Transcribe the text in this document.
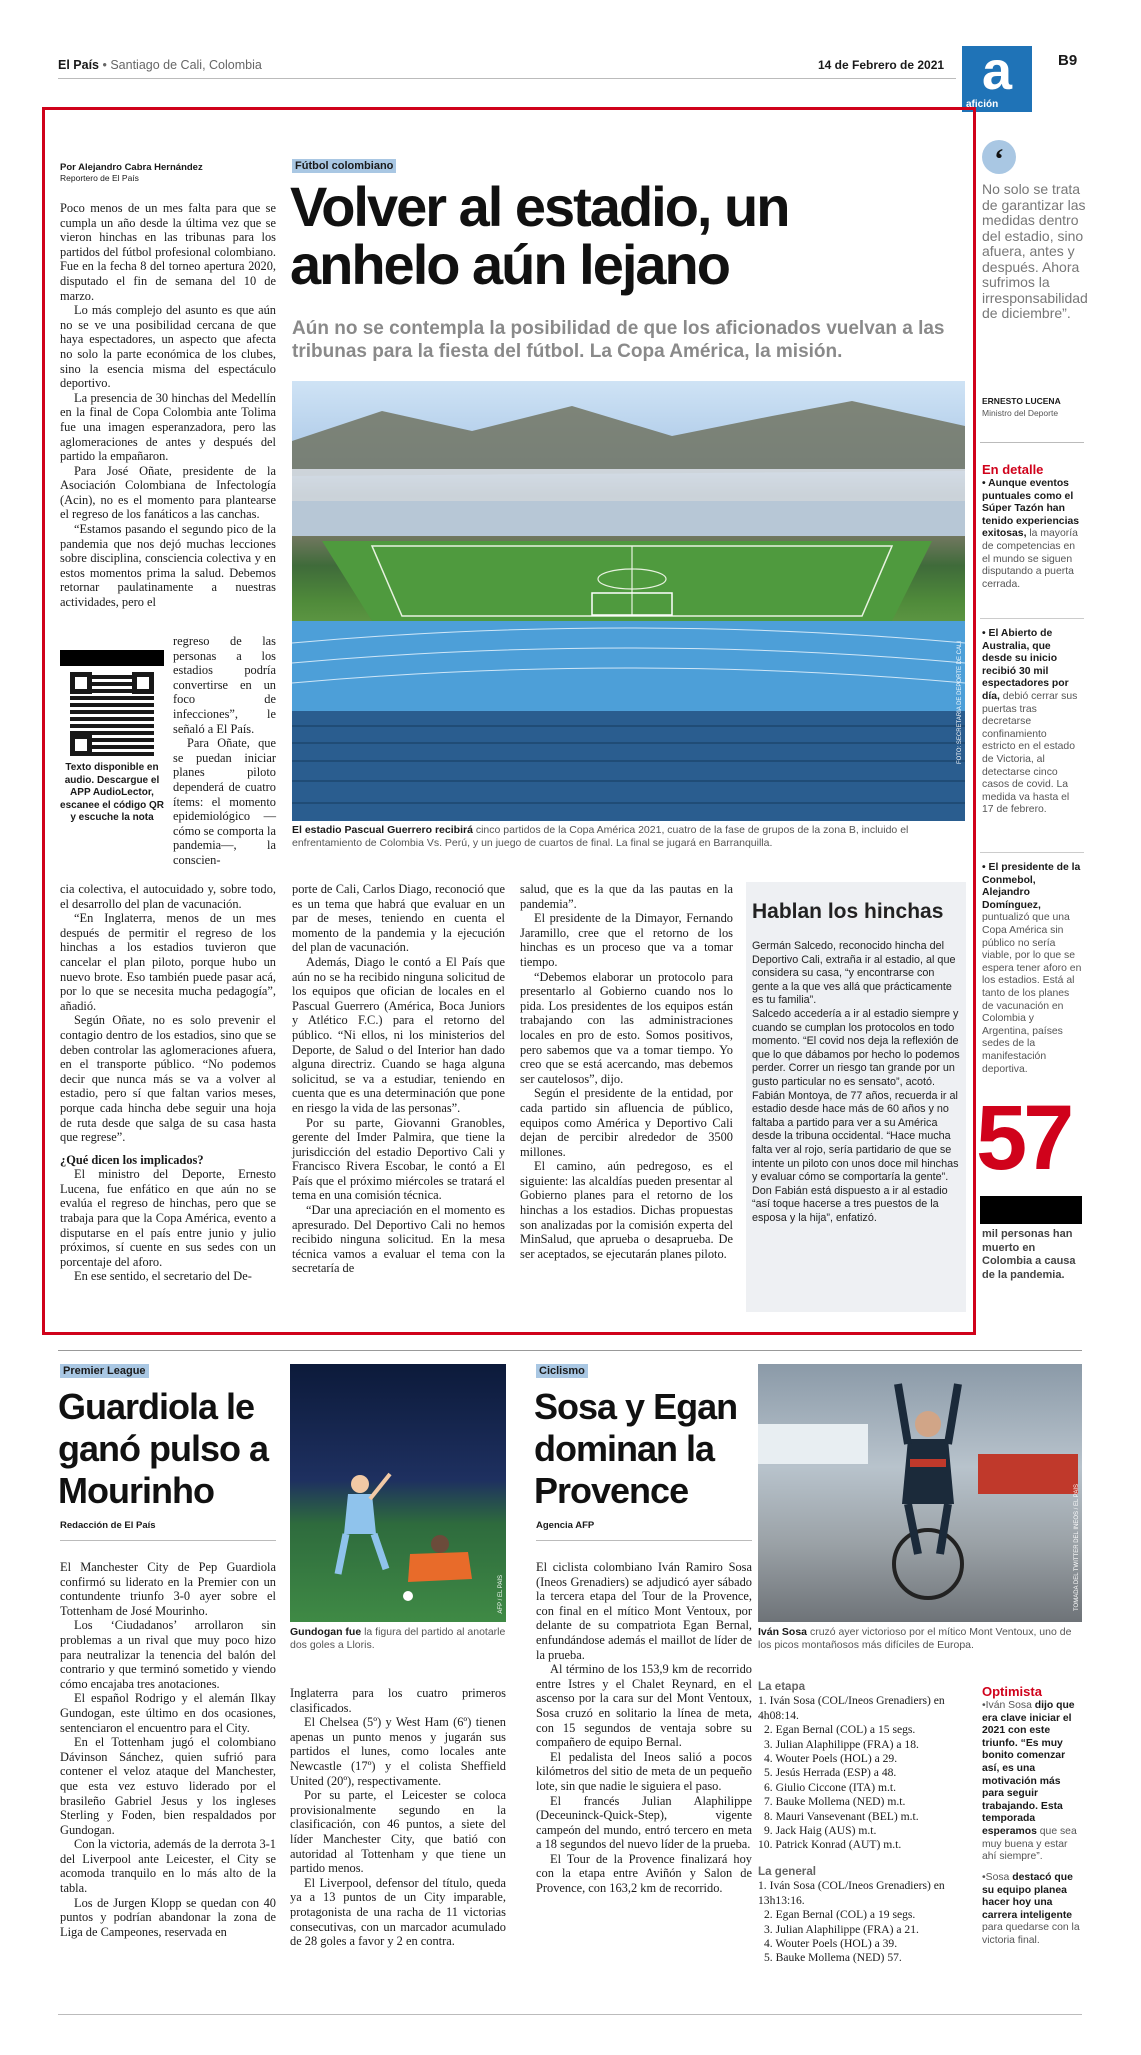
El País • Santiago de Cali, Colombia	14 de Febrero de 2021 a
afición
B9
Por Alejandro Cabra Hernández
Reportero de El País
Fútbol colombiano
Volver al estadio, un anhelo aún lejano
Aún no se contempla la posibilidad de que los aficionados vuelvan a las tribunas para la fiesta del fútbol. La Copa América, la misión.
FOTO: SECRETARÍA DE DEPORTE DE CALI
El estadio Pascual Guerrero recibirá cinco partidos de la Copa América 2021, cuatro de la fase de grupos de la zona B, incluido el enfrentamiento de Colombia Vs. Perú, y un juego de cuartos de final. La final se jugará en Barranquilla.

Poco menos de un mes falta para que se cumpla un año desde la última vez que se vieron hinchas en las tribunas para los partidos del fútbol profesional colombiano. Fue en la fecha 8 del torneo apertura 2020, disputado el fin de semana del 10 de marzo.

Lo más complejo del asunto es que aún no se ve una posibilidad cercana de que haya espectadores, un aspecto que afecta no solo la parte económica de los clubes, sino la esencia misma del espectáculo deportivo.

La presencia de 30 hinchas del Medellín en la final de Copa Colombia ante Tolima fue una imagen esperanzadora, pero las aglomeraciones de antes y después del partido la empañaron.

Para José Oñate, presidente de la Asociación Colombiana de Infectología (Acin), no es el momento para plantearse el regreso de los fanáticos a las canchas.

“Estamos pasando el segundo pico de la pandemia que nos dejó muchas lecciones sobre disciplina, consciencia colectiva y en estos momentos prima la salud. Debemos retornar paulatinamente a nuestras actividades, pero el

regreso de las personas a los estadios podría convertirse en un foco de infecciones”, le señaló a El País.

Para Oñate, que se puedan iniciar planes piloto dependerá de cuatro ítems: el momento epidemiológico —cómo se comporta la pandemia—, la conscien-

Texto disponible en audio. Descargue el APP AudioLector, escanee el código QR y escuche la nota

cia colectiva, el autocuidado y, sobre todo, el desarrollo del plan de vacunación.

“En Inglaterra, menos de un mes después de permitir el regreso de los hinchas a los estadios tuvieron que cancelar el plan piloto, porque hubo un nuevo brote. Eso también puede pasar acá, por lo que se necesita mucha pedagogía”, añadió.

Según Oñate, no es solo prevenir el contagio dentro de los estadios, sino que se deben controlar las aglomeraciones afuera, en el transporte público. “No podemos decir que nunca más se va a volver al estadio, pero sí que faltan varios meses, porque cada hincha debe seguir una hoja de ruta desde que salga de su casa hasta que regrese”.

¿Qué dicen los implicados?

El ministro del Deporte, Ernesto Lucena, fue enfático en que aún no se evalúa el regreso de hinchas, pero que se trabaja para que la Copa América, evento a disputarse en el país entre junio y julio próximos, sí cuente en sus sedes con un porcentaje del aforo.

En ese sentido, el secretario del De-

porte de Cali, Carlos Diago, reconoció que es un tema que habrá que evaluar en un par de meses, teniendo en cuenta el momento de la pandemia y la ejecución del plan de vacunación.

Además, Diago le contó a El País que aún no se ha recibido ninguna solicitud de los equipos que ofician de locales en el Pascual Guerrero (América, Boca Juniors y Atlético F.C.) para el retorno del público. “Ni ellos, ni los ministerios del Deporte, de Salud o del Interior han dado alguna directriz. Cuando se haga alguna solicitud, se va a estudiar, teniendo en cuenta que es una determinación que pone en riesgo la vida de las personas”.

Por su parte, Giovanni Granobles, gerente del Imder Palmira, que tiene la jurisdicción del estadio Deportivo Cali y Francisco Rivera Escobar, le contó a El País que el próximo miércoles se tratará el tema en una comisión técnica.

“Dar una apreciación en el momento es apresurado. Del Deportivo Cali no hemos recibido ninguna solicitud. En la mesa técnica vamos a evaluar el tema con la secretaría de

salud, que es la que da las pautas en la pandemia”.

El presidente de la Dimayor, Fernando Jaramillo, cree que el retorno de los hinchas es un proceso que va a tomar tiempo.

“Debemos elaborar un protocolo para presentarlo al Gobierno cuando nos lo pida. Los presidentes de los equipos están trabajando con las administraciones locales en pro de esto. Somos positivos, pero sabemos que va a tomar tiempo. Yo creo que se está acercando, mas debemos ser cautelosos”, dijo.

Según el presidente de la entidad, por cada partido sin afluencia de público, equipos como América y Deportivo Cali dejan de percibir alrededor de 3500 millones.

El camino, aún pedregoso, es el siguiente: las alcaldías pueden presentar al Gobierno planes para el retorno de los hinchas a los estadios. Dichas propuestas son analizadas por la comisión experta del MinSalud, que aprueba o desaprueba. De ser aceptados, se ejecutarán planes piloto.

Hablan los hinchas

Germán Salcedo, reconocido hincha del Deportivo Cali, extraña ir al estadio, al que considera su casa, “y encontrarse con gente a la que ves allá que prácticamente es tu familia”.

Salcedo accedería a ir al estadio siempre y cuando se cumplan los protocolos en todo momento. “El covid nos deja la reflexión de que lo que dábamos por hecho lo podemos perder. Correr un riesgo tan grande por un gusto particular no es sensato”, acotó.

Fabián Montoya, de 77 años, recuerda ir al estadio desde hace más de 60 años y no faltaba a partido para ver a su América desde la tribuna occidental. “Hace mucha falta ver al rojo, sería partidario de que se intente un piloto con unos doce mil hinchas y evaluar cómo se comportaría la gente”.

Don Fabián está dispuesto a ir al estadio “así toque hacerse a tres puestos de la esposa y la hija”, enfatizó.

‘
No solo se trata de garantizar las medidas dentro del estadio, sino afuera, antes y después. Ahora sufrimos la irresponsabilidad de diciembre”.
ERNESTO LUCENA
Ministro del Deporte
En detalle
• Aunque eventos puntuales como el Súper Tazón han tenido experiencias exitosas, la mayoría de competencias en el mundo se siguen disputando a puerta cerrada.
• El Abierto de Australia, que desde su inicio recibió 30 mil espectadores por día, debió cerrar sus puertas tras decretarse confinamiento estricto en el estado de Victoria, al detectarse cinco casos de covid. La medida va hasta el 17 de febrero.
• El presidente de la Conmebol, Alejandro Domínguez, puntualizó que una Copa América sin público no sería viable, por lo que se espera tener aforo en los estadios. Está al tanto de los planes de vacunación en Colombia y Argentina, países sedes de la manifestación deportiva.
57
mil personas han muerto en Colombia a causa de la pandemia.
Premier League
Guardiola le ganó pulso a Mourinho
Redacción de El País

El Manchester City de Pep Guardiola confirmó su liderato en la Premier con un contundente triunfo 3-0 ayer sobre el Tottenham de José Mourinho.

Los ‘Ciudadanos’ arrollaron sin problemas a un rival que muy poco hizo para neutralizar la tenencia del balón del contrario y que terminó sometido y viendo cómo encajaba tres anotaciones.

El español Rodrigo y el alemán Ilkay Gundogan, este último en dos ocasiones, sentenciaron el encuentro para el City.

En el Tottenham jugó el colombiano Dávinson Sánchez, quien sufrió para contener el veloz ataque del Manchester, que esta vez estuvo liderado por el brasileño Gabriel Jesus y los ingleses Sterling y Foden, bien respaldados por Gundogan.

Con la victoria, además de la derrota 3-1 del Liverpool ante Leicester, el City se acomoda tranquilo en lo más alto de la tabla.

Los de Jurgen Klopp se quedan con 40 puntos y podrían abandonar la zona de Liga de Campeones, reservada en

AFP / EL PAÍS
Gundogan fue la figura del partido al anotarle dos goles a Lloris.

Inglaterra para los cuatro primeros clasificados.

El Chelsea (5º) y West Ham (6º) tienen apenas un punto menos y jugarán sus partidos el lunes, como locales ante Newcastle (17º) y el colista Sheffield United (20º), respectivamente.

Por su parte, el Leicester se coloca provisionalmente segundo en la clasificación, con 46 puntos, a siete del líder Manchester City, que batió con autoridad al Tottenham y que tiene un partido menos.

El Liverpool, defensor del título, queda ya a 13 puntos de un City imparable, protagonista de una racha de 11 victorias consecutivas, con un marcador acumulado de 28 goles a favor y 2 en contra.

Ciclismo
Sosa y Egan dominan la Provence
Agencia AFP

El ciclista colombiano Iván Ramiro Sosa (Ineos Grenadiers) se adjudicó ayer sábado la tercera etapa del Tour de la Provence, con final en el mítico Mont Ventoux, por delante de su compatriota Egan Bernal, enfundándose además el maillot de líder de la prueba.

Al término de los 153,9 km de recorrido entre Istres y el Chalet Reynard, en el ascenso por la cara sur del Mont Ventoux, Sosa cruzó en solitario la línea de meta, con 15 segundos de ventaja sobre su compañero de equipo Bernal.

El pedalista del Ineos salió a pocos kilómetros del sitio de meta de un pequeño lote, sin que nadie le siguiera el paso.

El francés Julian Alaphilippe (Deceuninck-Quick-Step), vigente campeón del mundo, entró tercero en meta a 18 segundos del nuevo líder de la prueba.

El Tour de la Provence finalizará hoy con la etapa entre Aviñón y Salon de Provence, con 163,2 km de recorrido.

TOMADA DEL TWITTER DEL INEOS / EL PAÍS
Iván Sosa cruzó ayer victorioso por el mítico Mont Ventoux, uno de los picos montañosos más difíciles de Europa.
La etapa
1. Iván Sosa (COL/Ineos Grenadiers) en 4h08:14.
2. Egan Bernal (COL) a 15 segs.
3. Julian Alaphilippe (FRA) a 18.
4. Wouter Poels (HOL) a 29.
5. Jesús Herrada (ESP) a 48.
6. Giulio Ciccone (ITA) m.t.
7. Bauke Mollema (NED) m.t.
8. Mauri Vansevenant (BEL) m.t.
9. Jack Haig (AUS) m.t.
10. Patrick Konrad (AUT) m.t.
La general
1. Iván Sosa (COL/Ineos Grenadiers) en 13h13:16.
2. Egan Bernal (COL) a 19 segs.
3. Julian Alaphilippe (FRA) a 21.
4. Wouter Poels (HOL) a 39.
5. Bauke Mollema (NED) 57.
Optimista
•Iván Sosa dijo que era clave iniciar el 2021 con este triunfo. “Es muy bonito comenzar así, es una motivación más para seguir trabajando. Esta temporada esperamos que sea muy buena y estar ahí siempre”.
•Sosa destacó que su equipo planea hacer hoy una carrera inteligente para quedarse con la victoria final.
